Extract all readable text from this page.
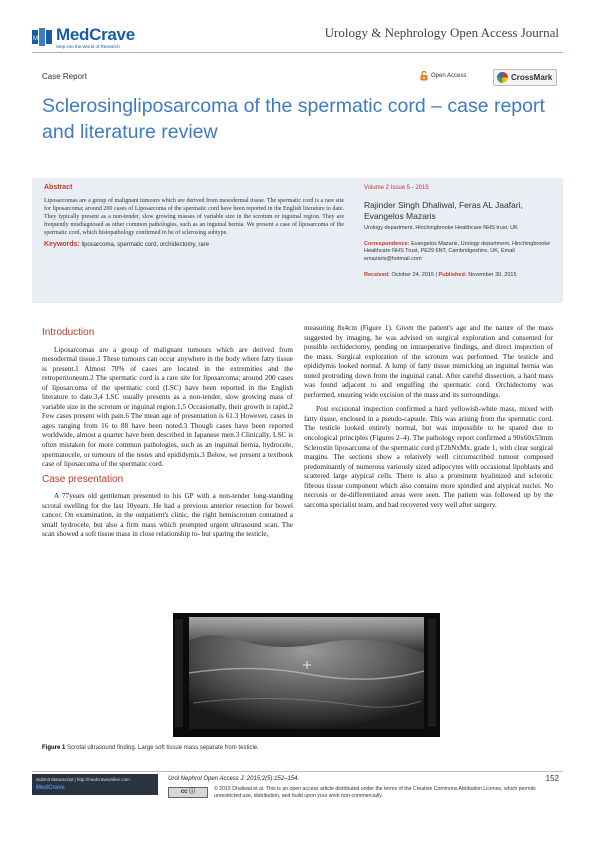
M MedCrave
Step into the World of Research
Urology & Nephrology Open Access Journal
Case Report	Open Access	CrossMark
Sclerosingliposarcoma of the spermatic cord – case report and literature review
Abstract
Liposarcomas are a group of malignant tumours which are derived from mesodermal tissue. The spermatic cord is a rare site for liposarcoma; around 200 cases of Liposarcoma of the spermatic cord have been reported in the English literature to date. They typically present as a non-tender, slow growing masses of variable size in the scrotum or inguinal region. They are frequently misdiagnosed as other common pathologies, such as an inguinal hernia. We present a case of liposarcoma of the spermatic cord, which histopathology confirmed to be of sclerosing subtype.
Keywords: liposarcoma, spermatic cord, orchidectomy, rare
Volume 2 Issue 5 - 2015
Rajinder Singh Dhaliwal, Feras AL Jaafari, Evangelos Mazaris
Urology department, Hinchingbrooke Healthcare NHS trust, UK
Correspondence: Evangelos Mazaris, Urology department, Hinchingbrooke Healthcare NHS Trust, PE29 6NT, Cambridgeshire, UK, Email emazaris@hotmail.com
Received: October 24, 2015 | Published: November 30, 2015
Introduction

Liposarcomas are a group of malignant tumours which are derived from mesodermal tissue.1 These tumours can occur anywhere in the body where fatty tissue is present.1 Almost 70% of cases are located in the extremities and the retroperitoneum.2 The spermatic cord is a rare site for liposarcoma; around 200 cases of liposarcoma of the spermatic cord (LSC) have been reported in the English literature to date.3,4 LSC usually presents as a non-tender, slow growing mass of variable size in the scrotum or inguinal region.1,5 Occasionally, their growth is rapid.2 Few cases present with pain.6 The mean age of presentation is 61.3 However, cases in ages ranging from 16 to 88 have been noted.3 Though cases have been reported worldwide, almost a quarter have been described in Japanese men.3 Clinically, LSC is often mistaken for more common pathologies, such as an inguinal hernia, hydrocele, spermatocele, or tumours of the testes and epididymis.3 Below, we present a textbook case of liposarcoma of the spermatic cord.

Case presentation

A 77years old gentleman presented to his GP with a non-tender long-standing scrotal swelling for the last 10years. He had a previous anterior resection for bowel cancer. On examination, in the outpatient's clinic, the right hemiscrotum contained a small hydrocele, but also a firm mass which prompted urgent ultrasound scan. The scan showed a soft tissue mass in close relationship to- but sparing the testicle,

measuring 8x4cm (Figure 1). Given the patient's age and the nature of the mass suggested by imaging, he was advised on surgical exploration and consented for possible orchidectomy, pending on intraoperative findings, and direct inspection of the mass. Surgical exploration of the scrotum was performed. The testicle and epididymis looked normal. A lump of fatty tissue mimicking an inguinal hernia was noted protruding down from the inguinal canal. After careful dissection, a hard mass was found adjacent to and engulfing the spermatic cord. Orchidectomy was performed, ensuring wide excision of the mass and its surroundings.

Post excisional inspection confirmed a hard yellowish-white mass, mixed with fatty tissue, enclosed in a pseudo-capsule. This was arising from the spermatic cord. The testicle looked entirely normal, but was impossible to be spared due to oncological principles (Figures 2–4). The pathology report confirmed a 90x60x53mm Sclerostin liposarcoma of the spermatic cord pT2bNxMx, grade 1, with clear surgical margins. The sections show a relatively well circumscribed tumour composed predominantly of numerous variously sized adipocytes with occasional lipoblasts and scattered large atypical cells. There is also a prominent hyalinized and sclerotic fibrous tissue component which also contains more spindled and atypical nuclei. No necrosis or de-differentiated areas were seen. The patient was followed up by the sarcoma specialist team, and had recovered very well after surgery.

Figure 1 Scrotal ultrasound finding. Large soft tissue mass separate from testicle.
Submit Manuscript | http://medcraveonline.com
MedCrave
Urol Nephrol Open Access J. 2015;2(5):152–154.	152
cc ⓘ	© 2015 Dhaliwal et al. This is an open access article distributed under the terms of the Creative Commons Attribution License, which permits unrestricted use, distribution, and build upon your work non-commercially.
